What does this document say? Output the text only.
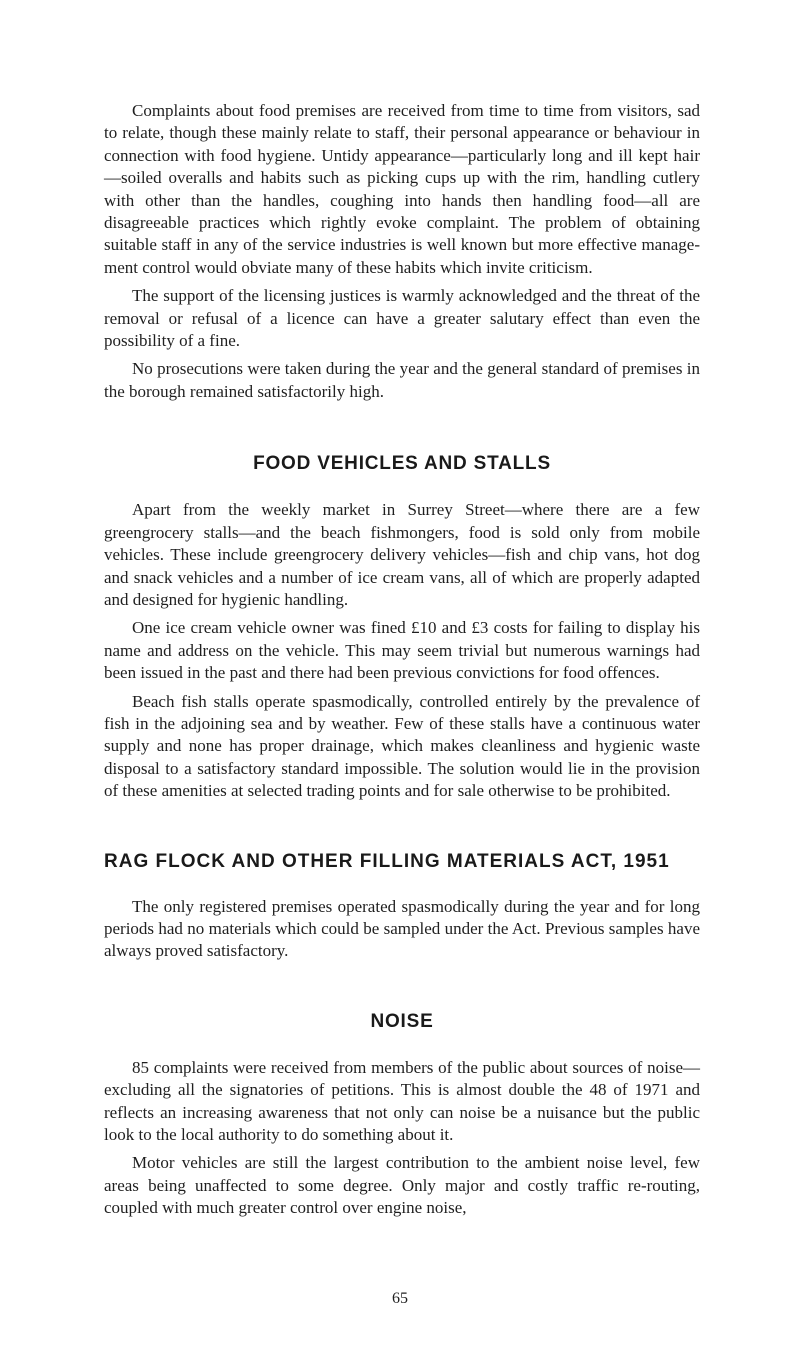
Complaints about food premises are received from time to time from visitors, sad to relate, though these mainly relate to staff, their personal appearance or behaviour in connection with food hygiene. Untidy appearance—particularly long and ill kept hair—soiled overalls and habits such as picking cups up with the rim, handling cutlery with other than the handles, coughing into hands then handling food—all are disagreeable practices which rightly evoke complaint. The problem of obtaining suitable staff in any of the service industries is well known but more effective management control would obviate many of these habits which invite criticism.

The support of the licensing justices is warmly acknowledged and the threat of the removal or refusal of a licence can have a greater salutary effect than even the possibility of a fine.

No prosecutions were taken during the year and the general standard of premises in the borough remained satisfactorily high.

FOOD VEHICLES AND STALLS

Apart from the weekly market in Surrey Street—where there are a few greengrocery stalls—and the beach fishmongers, food is sold only from mobile vehicles. These include greengrocery delivery vehicles—fish and chip vans, hot dog and snack vehicles and a number of ice cream vans, all of which are properly adapted and designed for hygienic handling.

One ice cream vehicle owner was fined £10 and £3 costs for failing to display his name and address on the vehicle. This may seem trivial but numerous warnings had been issued in the past and there had been previous convictions for food offences.

Beach fish stalls operate spasmodically, controlled entirely by the prevalence of fish in the adjoining sea and by weather. Few of these stalls have a continuous water supply and none has proper drainage, which makes cleanliness and hygienic waste disposal to a satisfactory standard impossible. The solution would lie in the provision of these amenities at selected trading points and for sale otherwise to be prohibited.

RAG FLOCK AND OTHER FILLING MATERIALS ACT, 1951

The only registered premises operated spasmodically during the year and for long periods had no materials which could be sampled under the Act. Previous samples have always proved satisfactory.

NOISE

85 complaints were received from members of the public about sources of noise—excluding all the signatories of petitions. This is almost double the 48 of 1971 and reflects an increasing awareness that not only can noise be a nuisance but the public look to the local authority to do something about it.

Motor vehicles are still the largest contribution to the ambient noise level, few areas being unaffected to some degree. Only major and costly traffic re-routing, coupled with much greater control over engine noise,

65
